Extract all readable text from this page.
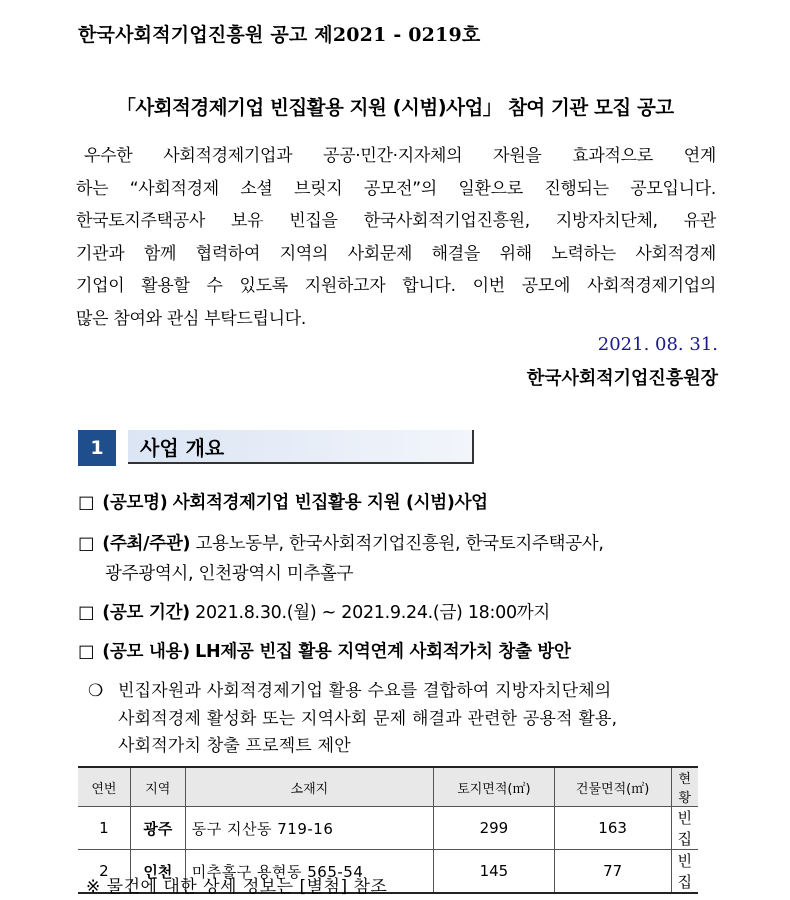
한국사회적기업진흥원 공고 제2021 - 0219호
「사회적경제기업 빈집활용 지원 (시범)사업」 참여 기관 모집 공고
우수한 사회적경제기업과 공공·민간·지자체의 자원을 효과적으로 연계
하는 “사회적경제 소셜 브릿지 공모전”의 일환으로 진행되는 공모입니다.
한국토지주택공사 보유 빈집을 한국사회적기업진흥원, 지방자치단체, 유관
기관과 함께 협력하여 지역의 사회문제 해결을 위해 노력하는 사회적경제
기업이 활용할 수 있도록 지원하고자 합니다. 이번 공모에 사회적경제기업의
많은 참여와 관심 부탁드립니다.
2021. 08. 31.
한국사회적기업진흥원장
1	사업 개요
□ (공모명) 사회적경제기업 빈집활용 지원 (시범)사업
□ (주최/주관) 고용노동부, 한국사회적기업진흥원, 한국토지주택공사,
광주광역시, 인천광역시 미추홀구
□ (공모 기간) 2021.8.30.(월) ~ 2021.9.24.(금) 18:00까지
□ (공모 내용) LH제공 빈집 활용 지역연계 사회적가치 창출 방안
❍ 빈집자원과 사회적경제기업 활용 수요를 결합하여 지방자치단체의
사회적경제 활성화 또는 지역사회 문제 해결과 관련한 공용적 활용,
사회적가치 창출 프로젝트 제안
연번	지역	소재지	토지면적(㎡)	건물면적(㎡)	현황
1	광주	동구 지산동 719-16	299	163	빈집
2	인천	미추홀구 용현동 565-54	145	77	빈집
※ 물건에 대한 상세 정보는 [별첨] 참조
